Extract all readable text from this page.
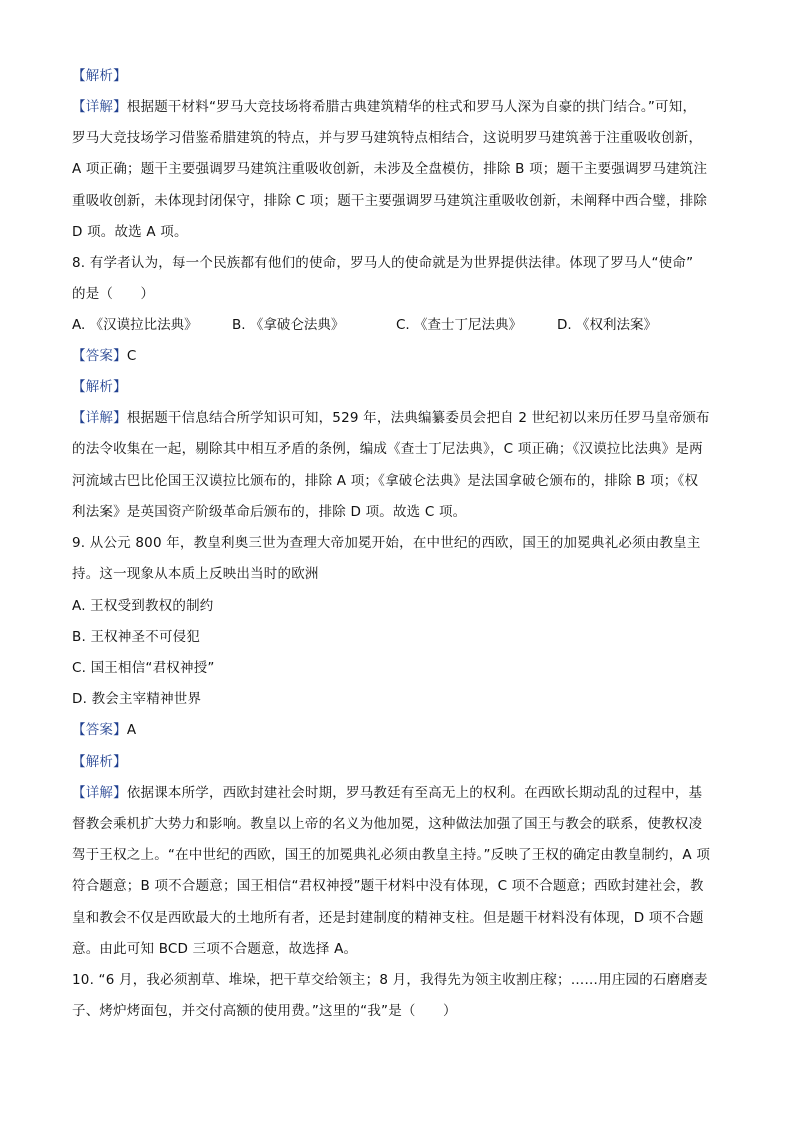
【解析】
【详解】根据题干材料“罗马大竞技场将希腊古典建筑精华的柱式和罗马人深为自豪的拱门结合。”可知，
罗马大竞技场学习借鉴希腊建筑的特点，并与罗马建筑特点相结合，这说明罗马建筑善于注重吸收创新，
A 项正确；题干主要强调罗马建筑注重吸收创新，未涉及全盘模仿，排除 B 项；题干主要强调罗马建筑注
重吸收创新，未体现封闭保守，排除 C 项；题干主要强调罗马建筑注重吸收创新，未阐释中西合璧，排除
D 项。故选 A 项。
8. 有学者认为，每一个民族都有他们的使命，罗马人的使命就是为世界提供法律。体现了罗马人“使命”
的是（　　）
A. 《汉谟拉比法典》	B. 《拿破仑法典》	C. 《查士丁尼法典》	D. 《权利法案》
【答案】C
【解析】
【详解】根据题干信息结合所学知识可知，529 年，法典编纂委员会把自 2 世纪初以来历任罗马皇帝颁布
的法令收集在一起，剔除其中相互矛盾的条例，编成《查士丁尼法典》，C 项正确；《汉谟拉比法典》是两
河流域古巴比伦国王汉谟拉比颁布的，排除 A 项；《拿破仑法典》是法国拿破仑颁布的，排除 B 项；《权
利法案》是英国资产阶级革命后颁布的，排除 D 项。故选 C 项。
9. 从公元 800 年，教皇利奥三世为查理大帝加冕开始，在中世纪的西欧，国王的加冕典礼必须由教皇主
持。这一现象从本质上反映出当时的欧洲
A. 王权受到教权的制约
B. 王权神圣不可侵犯
C. 国王相信“君权神授”
D. 教会主宰精神世界
【答案】A
【解析】
【详解】依据课本所学，西欧封建社会时期，罗马教廷有至高无上的权利。在西欧长期动乱的过程中，基
督教会乘机扩大势力和影响。教皇以上帝的名义为他加冕，这种做法加强了国王与教会的联系，使教权凌
驾于王权之上。“在中世纪的西欧，国王的加冕典礼必须由教皇主持。”反映了王权的确定由教皇制约，A 项
符合题意；B 项不合题意；国王相信“君权神授”题干材料中没有体现，C 项不合题意；西欧封建社会，教
皇和教会不仅是西欧最大的土地所有者，还是封建制度的精神支柱。但是题干材料没有体现，D 项不合题
意。由此可知 BCD 三项不合题意，故选择 A。
10. “6 月，我必须割草、堆垛，把干草交给领主；8 月，我得先为领主收割庄稼；……用庄园的石磨磨麦
子、烤炉烤面包，并交付高额的使用费。”这里的“我”是（　　）
